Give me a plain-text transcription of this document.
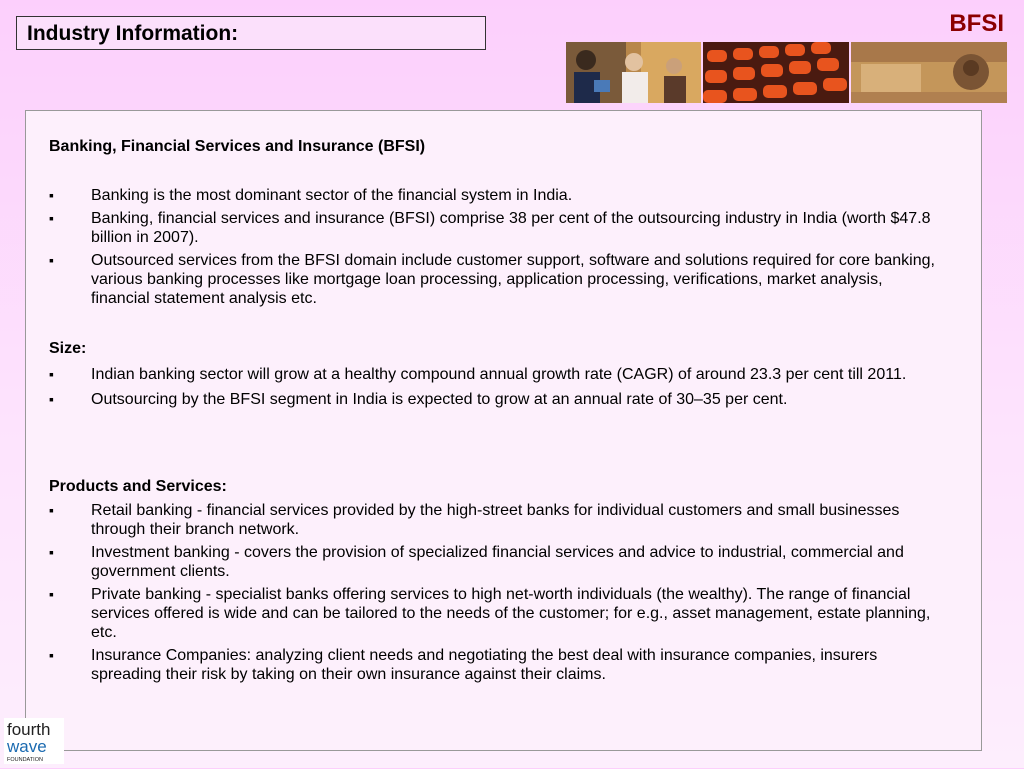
Industry Information:	BFSI
Banking, Financial Services and Insurance (BFSI)
▪ Banking is the most dominant sector of the financial system in India.
▪ Banking, financial services and insurance (BFSI) comprise 38 per cent of the outsourcing industry in India (worth $47.8 billion in 2007).
▪ Outsourced services from the BFSI domain include customer support, software and solutions required for core banking, various banking processes like mortgage loan processing, application processing, verifications, market analysis, financial statement analysis etc.
Size:
▪ Indian banking sector will grow at a healthy compound annual growth rate (CAGR) of around 23.3 per cent till 2011.
▪ Outsourcing by the BFSI segment in India is expected to grow at an annual rate of 30–35 per cent.
Products and Services:
▪ Retail banking - financial services provided by the high-street banks for individual customers and small businesses through their branch network.
▪ Investment banking - covers the provision of specialized financial services and advice to industrial, commercial and government clients.
▪ Private banking - specialist banks offering services to high net-worth individuals (the wealthy). The range of financial services offered is wide and can be tailored to the needs of the customer; for e.g., asset management, estate planning, etc.
▪ Insurance Companies: analyzing client needs and negotiating the best deal with insurance companies, insurers spreading their risk by taking on their own insurance against their claims.
fourth
wave
FOUNDATION
